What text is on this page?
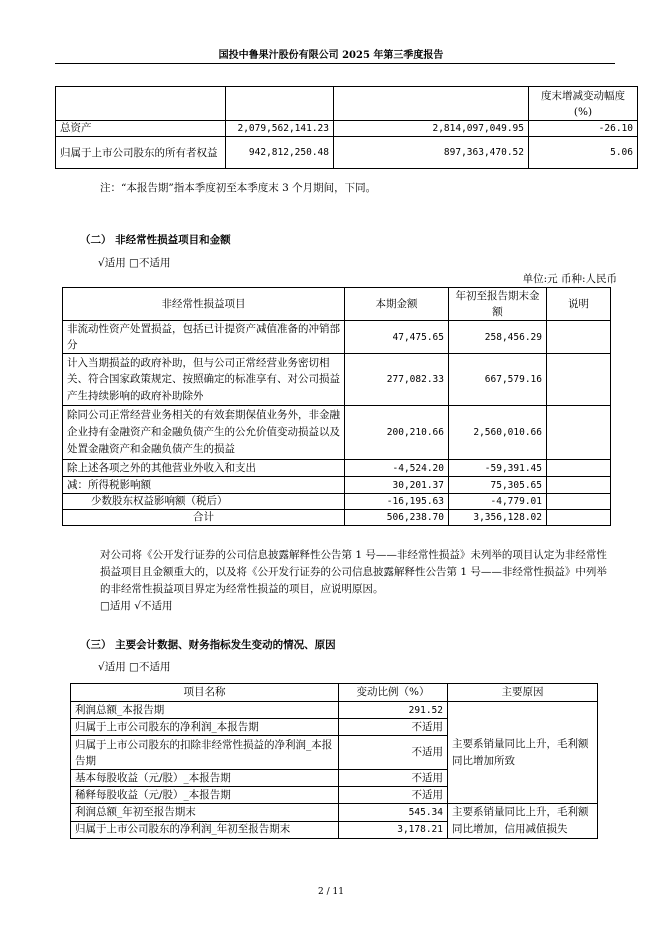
国投中鲁果汁股份有限公司 2025 年第三季度报告
			度末增减变动幅度(%)
总资产	2,079,562,141.23	2,814,097,049.95	-26.10
归属于上市公司股东的所有者权益	942,812,250.48	897,363,470.52	5.06
注：“本报告期”指本季度初至本季度末 3 个月期间，下同。
（二） 非经常性损益项目和金额
√适用 □不适用
单位:元 币种:人民币
非经常性损益项目	本期金额	年初至报告期末金额	说明
非流动性资产处置损益，包括已计提资产减值准备的冲销部分	47,475.65	258,456.29	
计入当期损益的政府补助，但与公司正常经营业务密切相关、符合国家政策规定、按照确定的标准享有、对公司损益产生持续影响的政府补助除外	277,082.33	667,579.16	
除同公司正常经营业务相关的有效套期保值业务外，非金融企业持有金融资产和金融负债产生的公允价值变动损益以及处置金融资产和金融负债产生的损益	200,210.66	2,560,010.66	
除上述各项之外的其他营业外收入和支出	-4,524.20	-59,391.45	
减：所得税影响额	30,201.37	75,305.65	
少数股东权益影响额（税后）	-16,195.63	-4,779.01	
合计	506,238.70	3,356,128.02	
对公司将《公开发行证券的公司信息披露解释性公告第 1 号——非经常性损益》未列举的项目认定为非经常性损益项目且金额重大的，以及将《公开发行证券的公司信息披露解释性公告第 1 号——非经常性损益》中列举的非经常性损益项目界定为经常性损益的项目，应说明原因。
□适用 √不适用
（三） 主要会计数据、财务指标发生变动的情况、原因
√适用 □不适用
项目名称	变动比例（%）	主要原因
利润总额_本报告期	291.52	主要系销量同比上升，毛利额同比增加所致
归属于上市公司股东的净利润_本报告期	不适用	
归属于上市公司股东的扣除非经常性损益的净利润_本报告期	不适用	
基本每股收益（元/股）_本报告期	不适用	
稀释每股收益（元/股）_本报告期	不适用	
利润总额_年初至报告期末	545.34	主要系销量同比上升，毛利额同比增加，信用减值损失
归属于上市公司股东的净利润_年初至报告期末	3,178.21	
2 / 11
